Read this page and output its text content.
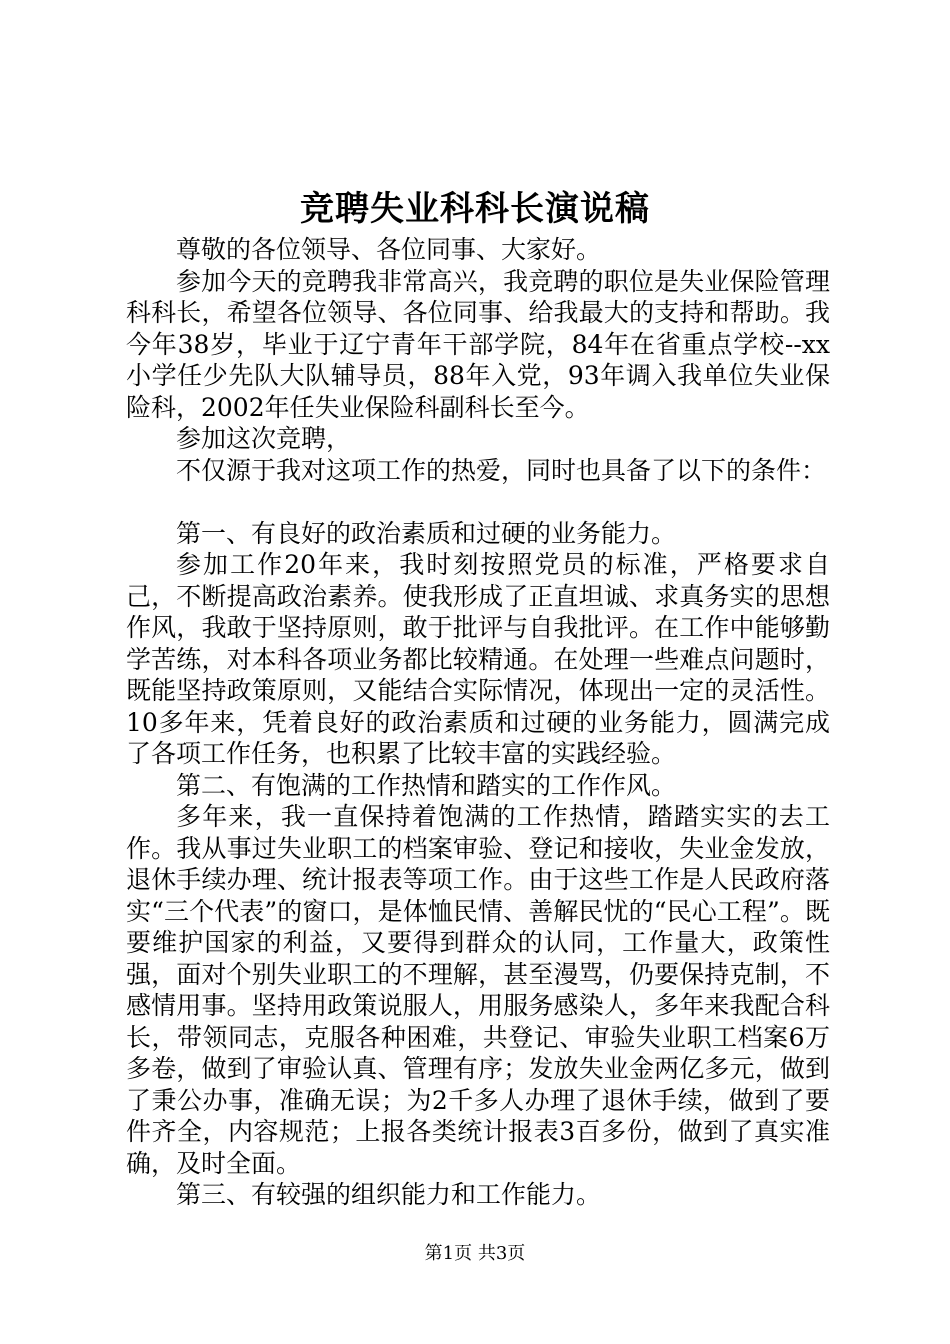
竞聘失业科科长演说稿

尊敬的各位领导、各位同事、大家好。

参加今天的竞聘我非常高兴，我竞聘的职位是失业保险管理科科长，希望各位领导、各位同事、给我最大的支持和帮助。我今年38岁，毕业于辽宁青年干部学院，84年在省重点学校--xx小学任少先队大队辅导员，88年入党，93年调入我单位失业保险科，2002年任失业保险科副科长至今。

参加这次竞聘，

不仅源于我对这项工作的热爱，同时也具备了以下的条件：

第一、有良好的政治素质和过硬的业务能力。

参加工作20年来，我时刻按照党员的标准，严格要求自己，不断提高政治素养。使我形成了正直坦诚、求真务实的思想作风，我敢于坚持原则，敢于批评与自我批评。在工作中能够勤学苦练，对本科各项业务都比较精通。在处理一些难点问题时，既能坚持政策原则，又能结合实际情况，体现出一定的灵活性。10多年来，凭着良好的政治素质和过硬的业务能力，圆满完成了各项工作任务，也积累了比较丰富的实践经验。

第二、有饱满的工作热情和踏实的工作作风。

多年来，我一直保持着饱满的工作热情，踏踏实实的去工作。我从事过失业职工的档案审验、登记和接收，失业金发放，退休手续办理、统计报表等项工作。由于这些工作是人民政府落实“三个代表”的窗口，是体恤民情、善解民忧的“民心工程”。既要维护国家的利益，又要得到群众的认同，工作量大，政策性强，面对个别失业职工的不理解，甚至漫骂，仍要保持克制，不感情用事。坚持用政策说服人，用服务感染人，多年来我配合科长，带领同志，克服各种困难，共登记、审验失业职工档案6万多卷，做到了审验认真、管理有序；发放失业金两亿多元，做到了秉公办事，准确无误；为2千多人办理了退休手续，做到了要件齐全，内容规范；上报各类统计报表3百多份，做到了真实准确，及时全面。

第三、有较强的组织能力和工作能力。

第1页 共3页
